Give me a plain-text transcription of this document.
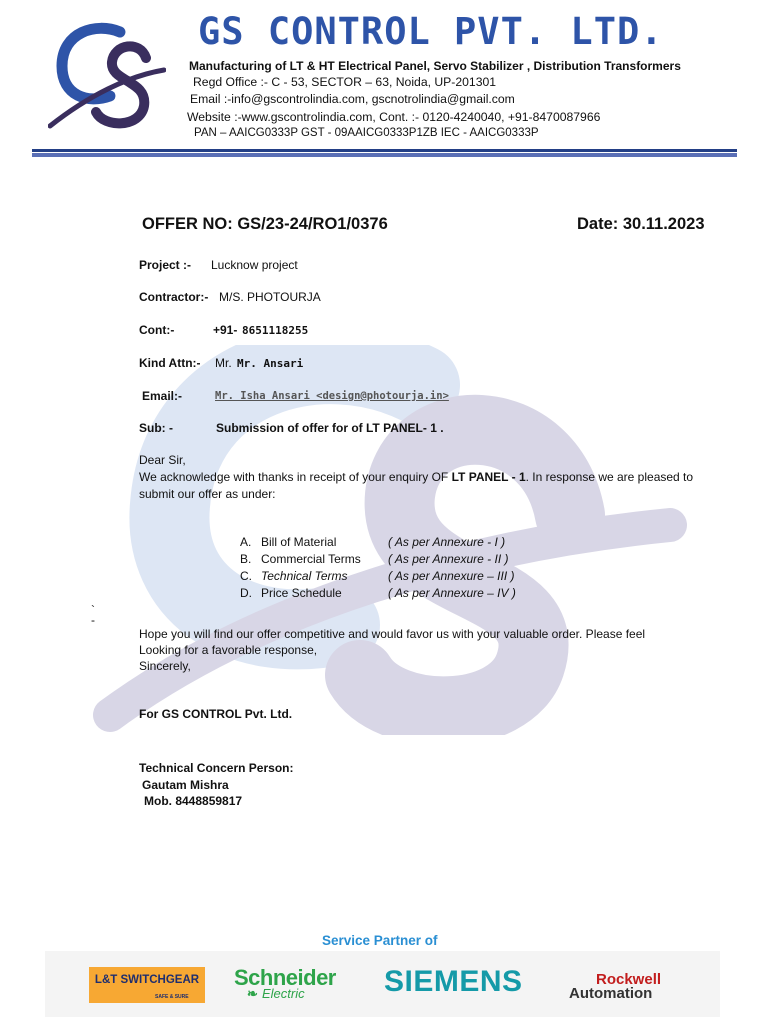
GS CONTROL PVT. LTD.
Manufacturing of LT & HT Electrical Panel, Servo Stabilizer , Distribution Transformers
Regd Office :- C - 53, SECTOR – 63, Noida, UP-201301
Email :-info@gscontrolindia.com, gscnotrolindia@gmail.com
Website :-www.gscontrolindia.com, Cont. :- 0120-4240040, +91-8470087966
PAN – AAICG0333P GST - 09AAICG0333P1ZB IEC - AAICG0333P
OFFER NO: GS/23-24/RO1/0376	Date: 30.11.2023
Project :- Lucknow project
Contractor:- M/S. PHOTOURJA
Cont:-	+91- 8651118255
Kind Attn:- Mr. Mr. Ansari
Email:-	Mr. Isha Ansari <design@photourja.in>
Sub: -	Submission of offer for of LT PANEL- 1 .
Dear Sir,
We acknowledge with thanks in receipt of your enquiry OF LT PANEL - 1. In response we are pleased to
submit our offer as under:
A. Bill of Material	( As per Annexure - I )
B. Commercial Terms ( As per Annexure - II )
C. Technical Terms	( As per Annexure – III )
D. Price Schedule	( As per Annexure – IV )
`
-
Hope you will find our offer competitive and would favor us with your valuable order. Please feel
Looking for a favorable response,
Sincerely,
For GS CONTROL Pvt. Ltd.
Technical Concern Person:
Gautam Mishra
Mob. 8448859817
Service Partner of
L&T SWITCHGEAR
SAFE & SURE
Schneider
❧ Electric	SIEMENS	Rockwell
Automation
